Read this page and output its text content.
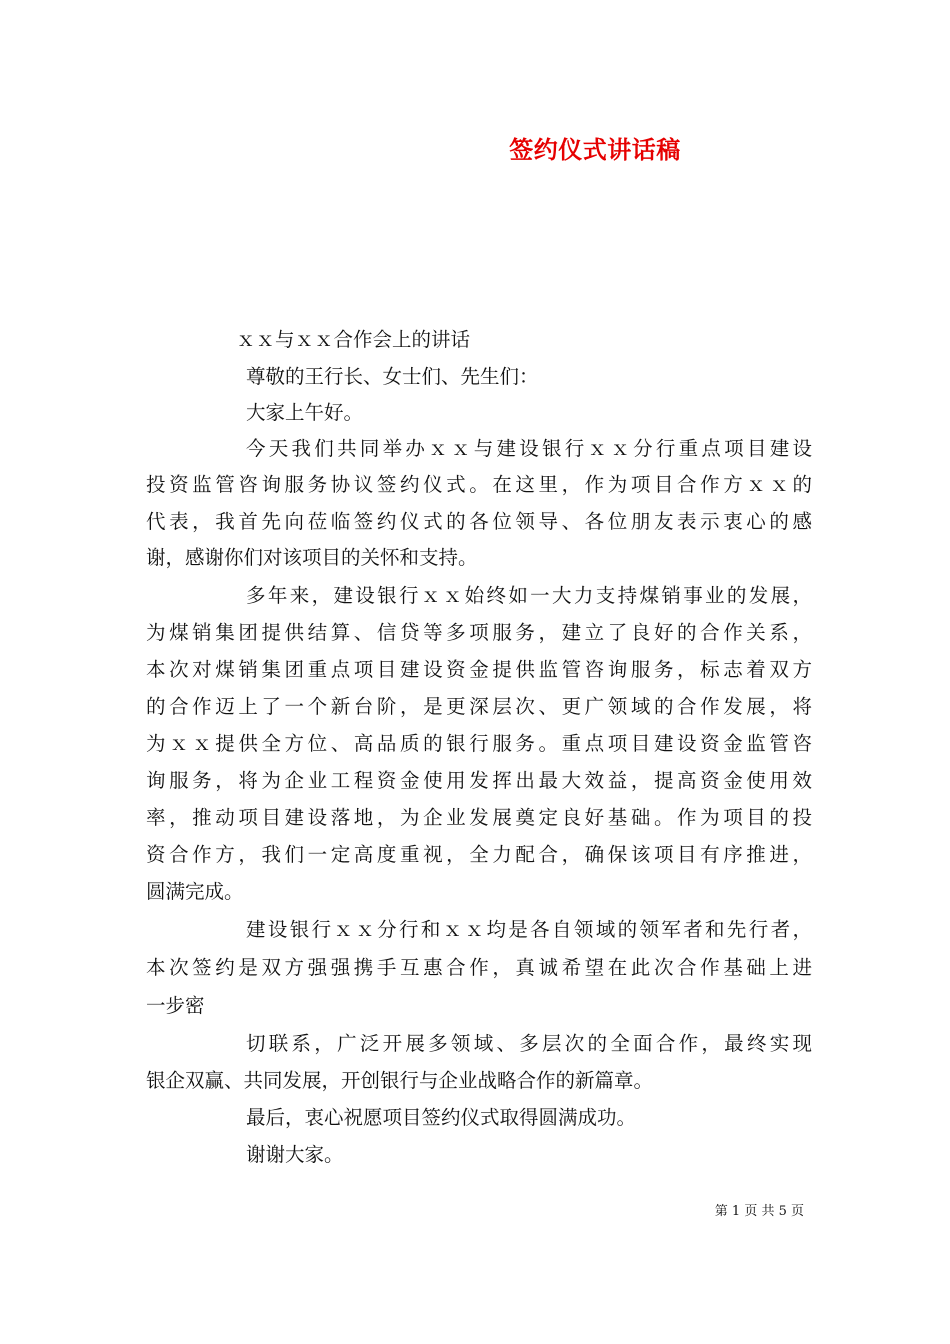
签约仪式讲话稿
ｘｘ与ｘｘ合作会上的讲话
尊敬的王行长、女士们、先生们：
大家上午好。
今天我们共同举办ｘｘ与建设银行ｘｘ分行重点项目建设
投资监管咨询服务协议签约仪式。在这里，作为项目合作方ｘｘ的
代表，我首先向莅临签约仪式的各位领导、各位朋友表示衷心的感
谢，感谢你们对该项目的关怀和支持。
多年来，建设银行ｘｘ始终如一大力支持煤销事业的发展，
为煤销集团提供结算、信贷等多项服务，建立了良好的合作关系，
本次对煤销集团重点项目建设资金提供监管咨询服务，标志着双方
的合作迈上了一个新台阶，是更深层次、更广领域的合作发展，将
为ｘｘ提供全方位、高品质的银行服务。重点项目建设资金监管咨
询服务，将为企业工程资金使用发挥出最大效益，提高资金使用效
率，推动项目建设落地，为企业发展奠定良好基础。作为项目的投
资合作方，我们一定高度重视，全力配合，确保该项目有序推进，
圆满完成。
建设银行ｘｘ分行和ｘｘ均是各自领域的领军者和先行者，
本次签约是双方强强携手互惠合作，真诚希望在此次合作基础上进
一步密
切联系，广泛开展多领域、多层次的全面合作，最终实现
银企双赢、共同发展，开创银行与企业战略合作的新篇章。
最后，衷心祝愿项目签约仪式取得圆满成功。
谢谢大家。
第 1 页 共 5 页
